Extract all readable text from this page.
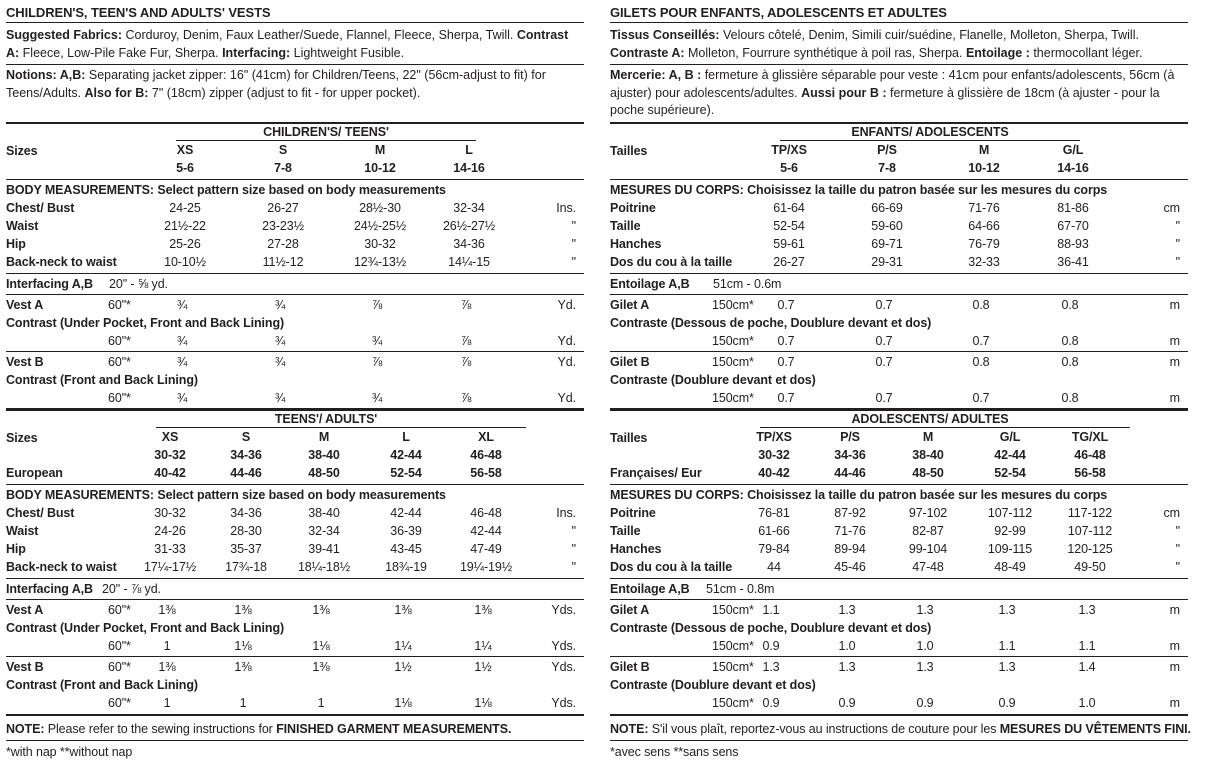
CHILDREN'S, TEEN'S AND ADULTS' VESTS
Suggested Fabrics: Corduroy, Denim, Faux Leather/Suede, Flannel, Fleece, Sherpa, Twill. Contrast A: Fleece, Low-Pile Fake Fur, Sherpa. Interfacing: Lightweight Fusible.
Notions: A,B: Separating jacket zipper: 16" (41cm) for Children/Teens, 22" (56cm-adjust to fit) for Teens/Adults. Also for B: 7" (18cm) zipper (adjust to fit - for upper pocket).
CHILDREN'S/ TEENS'
Sizes	XS	S	M	L
5-6	7-8	10-12	14-16
BODY MEASUREMENTS: Select pattern size based on body measurements
Chest/ Bust	24-25	26-27	28½-30	32-34	Ins.
Waist	21½-22	23-23½	24½-25½	26½-27½	"
Hip	25-26	27-28	30-32	34-36	"
Back-neck to waist	10-10½	11½-12	12¾-13½	14¼-15	"
Interfacing A,B 20" - ⅝ yd.
Vest A	60"*	¾	¾	⅞	⅞	Yd.
Contrast (Under Pocket, Front and Back Lining)
60"*	¾	¾	¾	⅞	Yd.
Vest B	60"*	¾	¾	⅞	⅞	Yd.
Contrast (Front and Back Lining)
60"*	¾	¾	¾	⅞	Yd.
TEENS'/ ADULTS'
Sizes	XS	S	M	L	XL
30-32	34-36	38-40	42-44	46-48
European	40-42	44-46	48-50	52-54	56-58
BODY MEASUREMENTS: Select pattern size based on body measurements
Chest/ Bust	30-32	34-36	38-40	42-44	46-48	Ins.
Waist	24-26	28-30	32-34	36-39	42-44	"
Hip	31-33	35-37	39-41	43-45	47-49	"
Back-neck to waist 17¼-17½ 17¾-18 18¼-18½	18¾-19	19¼-19½	"
Interfacing A,B 20" - ⅞ yd.
Vest A	60"* 1⅜	1⅜	1⅜	1⅜	1⅜	Yds.
Contrast (Under Pocket, Front and Back Lining)
60"*	1	1⅛	1⅛	1¼	1¼	Yds.
Vest B	60"* 1⅜	1⅜	1⅜	1½	1½	Yds.
Contrast (Front and Back Lining)
60"*	1	1	1	1⅛	1⅛	Yds.
NOTE: Please refer to the sewing instructions for FINISHED GARMENT MEASUREMENTS.
*with nap **without nap
GILETS POUR ENFANTS, ADOLESCENTS ET ADULTES
Tissus Conseillés: Velours côtelé, Denim, Simili cuir/suédine, Flanelle, Molleton, Sherpa, Twill. Contraste A: Molleton, Fourrure synthétique à poil ras, Sherpa. Entoilage : thermocollant léger.
Mercerie: A, B : fermeture à glissière séparable pour veste : 41cm pour enfants/adolescents, 56cm (à ajuster) pour adolescents/adultes. Aussi pour B : fermeture à glissière de 18cm (à ajuster - pour la poche supérieure).
ENFANTS/ ADOLESCENTS
Tailles	TP/XS	P/S	M	G/L
5-6	7-8	10-12	14-16
MESURES DU CORPS: Choisissez la taille du patron basée sur les mesures du corps
Poitrine	61-64	66-69	71-76	81-86	cm
Taille	52-54	59-60	64-66	67-70	"
Hanches	59-61	69-71	76-79	88-93	"
Dos du cou à la taille	26-27	29-31	32-33	36-41	"
Entoilage A,B 51cm - 0.6m
Gilet A	150cm* 0.7	0.7	0.8	0.8	m
Contraste (Dessous de poche, Doublure devant et dos)
150cm* 0.7	0.7	0.7	0.8	m
Gilet B	150cm* 0.7	0.7	0.8	0.8	m
Contraste (Doublure devant et dos)
150cm* 0.7	0.7	0.7	0.8	m
ADOLESCENTS/ ADULTES
Tailles	TP/XS	P/S	M	G/L	TG/XL
30-32	34-36	38-40	42-44	46-48
Françaises/ Eur	40-42	44-46	48-50	52-54	56-58
MESURES DU CORPS: Choisissez la taille du patron basée sur les mesures du corps
Poitrine	76-81	87-92	97-102	107-112	117-122	cm
Taille	61-66	71-76	82-87	92-99	107-112	"
Hanches	79-84	89-94	99-104	109-115	120-125	"
Dos du cou à la taille	44	45-46	47-48	48-49	49-50	"
Entoilage A,B 51cm - 0.8m
Gilet A	150cm* 1.1	1.3	1.3	1.3	1.3	m
Contraste (Dessous de poche, Doublure devant et dos)
150cm* 0.9	1.0	1.0	1.1	1.1	m
Gilet B	150cm* 1.3	1.3	1.3	1.3	1.4	m
Contraste (Doublure devant et dos)
150cm* 0.9	0.9	0.9	0.9	1.0	m
NOTE: S'il vous plaît, reportez-vous au instructions de couture pour les MESURES DU VÊTEMENTS FINI.
*avec sens **sans sens
